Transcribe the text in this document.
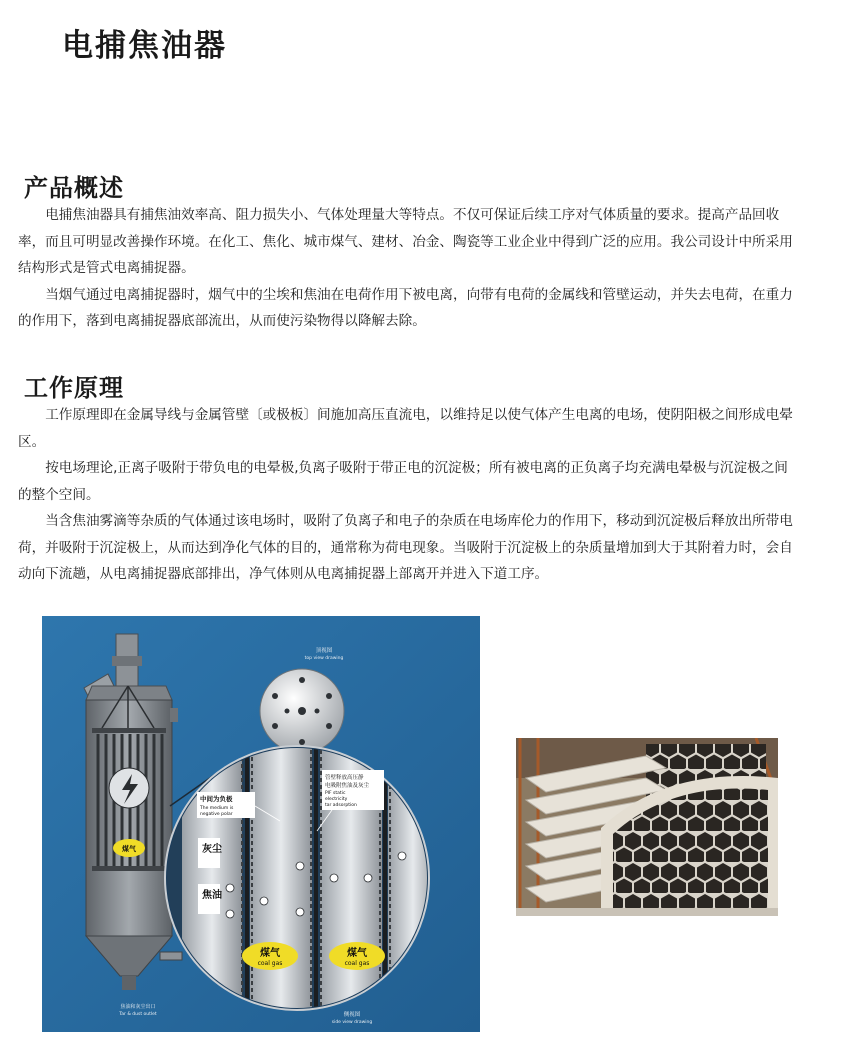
电捕焦油器
产品概述

电捕焦油器具有捕焦油效率高、阻力损失小、气体处理量大等特点。不仅可保证后续工序对气体质量的要求。提高产品回收率，而且可明显改善操作环境。在化工、焦化、城市煤气、建材、冶金、陶瓷等工业企业中得到广泛的应用。我公司设计中所采用结构形式是管式电离捕捉器。

当烟气通过电离捕捉器时，烟气中的尘埃和焦油在电荷作用下被电离，向带有电荷的金属线和管壁运动，并失去电荷，在重力的作用下，落到电离捕捉器底部流出，从而使污染物得以降解去除。

工作原理

工作原理即在金属导线与金属管壁〔或极板〕间施加高压直流电，以维持足以使气体产生电离的电场，使阴阳极之间形成电晕区。

按电场理论,正离子吸附于带负电的电晕极,负离子吸附于带正电的沉淀极；所有被电离的正负离子均充满电晕极与沉淀极之间的整个空间。

当含焦油雾滴等杂质的气体通过该电场时，吸附了负离子和电子的杂质在电场库伦力的作用下，移动到沉淀极后释放出所带电荷，并吸附于沉淀极上，从而达到净化气体的目的，通常称为荷电现象。当吸附于沉淀极上的杂质量增加到大于其附着力时，会自动向下流趟，从电离捕捉器底部排出，净气体则从电离捕捉器上部离开并进入下道工序。

顶视图
top view drawing
中间为负极
The medium is
negative polar
管壁释放高压静
电吸附焦油及灰尘
PIF static
electricity
tar adsorption
灰尘
焦油
煤气
煤气
coal gas
煤气
coal gas
侧视图
side view drawing
焦油和灰尘出口
Tar & dust outlet
